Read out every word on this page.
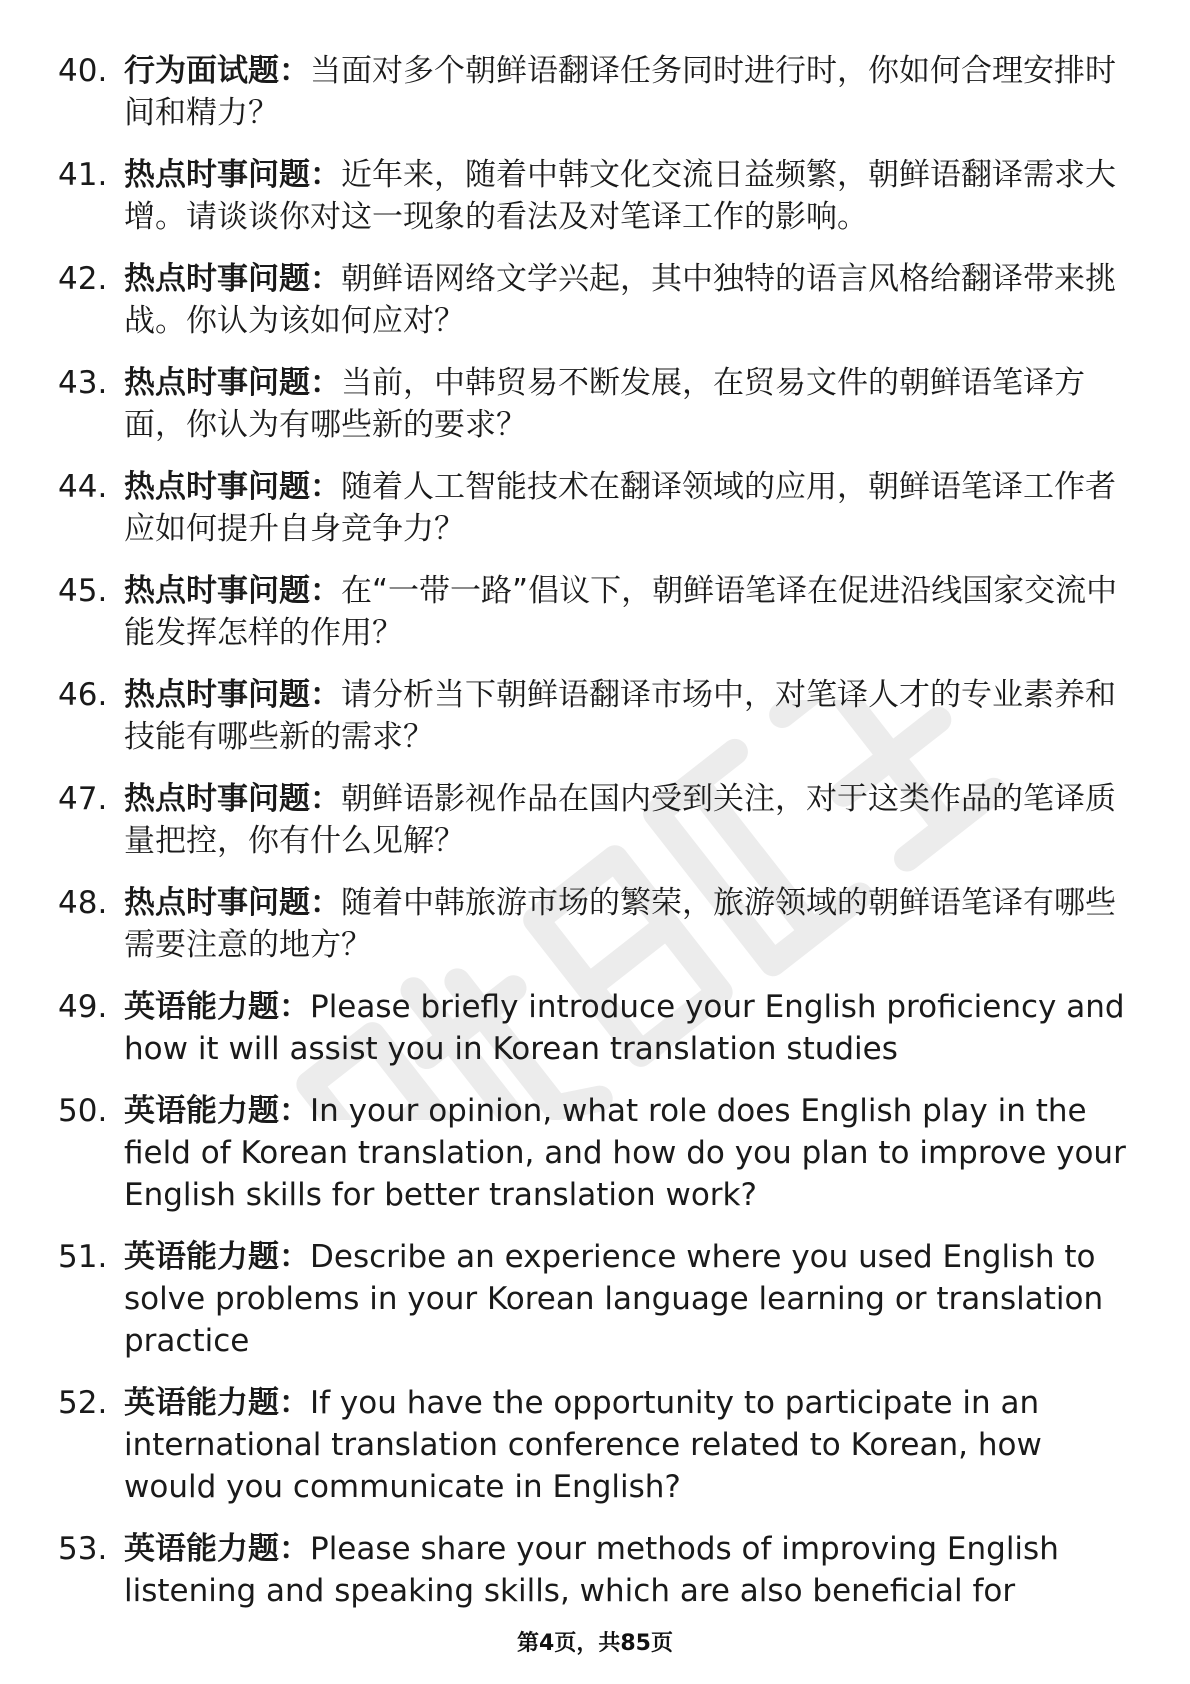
40. 行为面试题：当面对多个朝鲜语翻译任务同时进行时，你如何合理安排时间和精力？
41. 热点时事问题：近年来，随着中韩文化交流日益频繁，朝鲜语翻译需求大增。请谈谈你对这一现象的看法及对笔译工作的影响。
42. 热点时事问题：朝鲜语网络文学兴起，其中独特的语言风格给翻译带来挑战。你认为该如何应对？
43. 热点时事问题：当前，中韩贸易不断发展，在贸易文件的朝鲜语笔译方面，你认为有哪些新的要求？
44. 热点时事问题：随着人工智能技术在翻译领域的应用，朝鲜语笔译工作者应如何提升自身竞争力？
45. 热点时事问题：在“一带一路”倡议下，朝鲜语笔译在促进沿线国家交流中能发挥怎样的作用？
46. 热点时事问题：请分析当下朝鲜语翻译市场中，对笔译人才的专业素养和技能有哪些新的需求？
47. 热点时事问题：朝鲜语影视作品在国内受到关注，对于这类作品的笔译质量把控，你有什么见解？
48. 热点时事问题：随着中韩旅游市场的繁荣，旅游领域的朝鲜语笔译有哪些需要注意的地方？
49. 英语能力题：Please briefly introduce your English proficiency and how it will assist you in Korean translation studies
50. 英语能力题：In your opinion, what role does English play in the field of Korean translation, and how do you plan to improve your English skills for better translation work?
51. 英语能力题：Describe an experience where you used English to solve problems in your Korean language learning or translation practice
52. 英语能力题：If you have the opportunity to participate in an international translation conference related to Korean, how would you communicate in English?
53. 英语能力题：Please share your methods of improving English listening and speaking skills, which are also beneficial for
第4页，共85页
